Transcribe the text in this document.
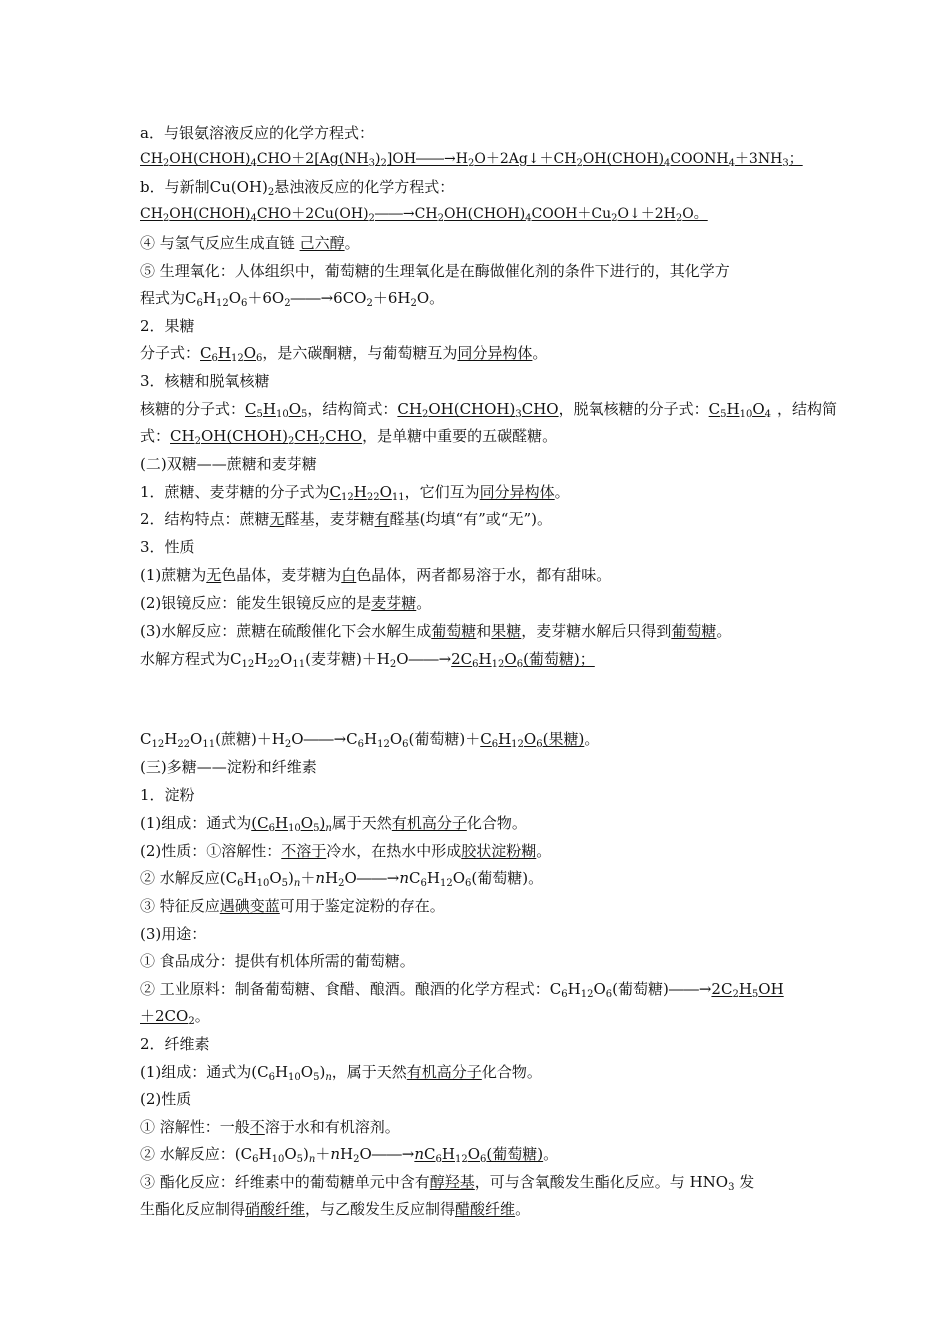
a．与银氨溶液反应的化学方程式：
$CH_2OH(CHOH)_4CHO+2[Ag(NH_3)_2]OH――\to H_2O+2Ag↓+CH_2OH(CHOH)_4COONH_4+3NH_3$；
b．与新制$Cu(OH)_2$悬浊液反应的化学方程式：
$CH_2OH(CHOH)_4CHO+2Cu(OH)_2――\to CH_2OH(CHOH)_4COOH+Cu_2O↓+2H_2O$。
④ 与氢气反应生成直链 己六醇。
⑤ 生理氧化：人体组织中，葡萄糖的生理氧化是在酶做催化剂的条件下进行的，其化学方
程式为$C_6H_{12}O_6+6O_2――\to 6CO_2+6H_2O$。
2．果糖
分子式：$C_6H_{12}O_6$，是六碳酮糖，与葡萄糖互为同分异构体。
3．核糖和脱氧核糖
核糖的分子式：$C_5H_{10}O_5$，结构简式：$CH_2OH(CHOH)_3CHO$，脱氧核糖的分子式：$C_5H_{10}O_4$ ，结构简
式：$CH_2OH(CHOH)_2CH_2CHO$，是单糖中重要的五碳醛糖。
(二)双糖——蔗糖和麦芽糖
1．蔗糖、麦芽糖的分子式为$C_{12}H_{22}O_{11}$，它们互为同分异构体。
2．结构特点：蔗糖无醛基，麦芽糖有醛基(均填“有”或“无”)。
3．性质
(1)蔗糖为无色晶体，麦芽糖为白色晶体，两者都易溶于水，都有甜味。
(2)银镜反应：能发生银镜反应的是麦芽糖。
(3)水解反应：蔗糖在硫酸催化下会水解生成葡萄糖和果糖，麦芽糖水解后只得到葡萄糖。
水解方程式为$C_{12}H_{22}O_{11}$(麦芽糖)$+H_2O――\to 2C_6H_{12}O_6$(葡萄糖)；
$C_{12}H_{22}O_{11}$(蔗糖)$+H_2O――\to C_6H_{12}O_6$(葡萄糖)$+C_6H_{12}O_6$(果糖)。
(三)多糖——淀粉和纤维素
1．淀粉
(1)组成：通式为$(C_6H_{10}O_5)_n$属于天然有机高分子化合物。
(2)性质：①溶解性：不溶于冷水，在热水中形成胶状淀粉糊。
② 水解反应$(C_6H_{10}O_5)_n+nH_2O――\to nC_6H_{12}O_6$(葡萄糖)。
③ 特征反应遇碘变蓝可用于鉴定淀粉的存在。
(3)用途：
① 食品成分：提供有机体所需的葡萄糖。
② 工业原料：制备葡萄糖、食醋、酿酒。酿酒的化学方程式：$C_6H_{12}O_6$(葡萄糖)$――\to 2C_2H_5OH$
$+2CO_2$。
2．纤维素
(1)组成：通式为$(C_6H_{10}O_5)_n$，属于天然有机高分子化合物。
(2)性质
① 溶解性：一般不溶于水和有机溶剂。
② 水解反应：$(C_6H_{10}O_5)_n+nH_2O――\to nC_6H_{12}O_6$(葡萄糖)。
③ 酯化反应：纤维素中的葡萄糖单元中含有醇羟基，可与含氧酸发生酯化反应。与 $HNO_3$ 发
生酯化反应制得硝酸纤维，与乙酸发生反应制得醋酸纤维。
